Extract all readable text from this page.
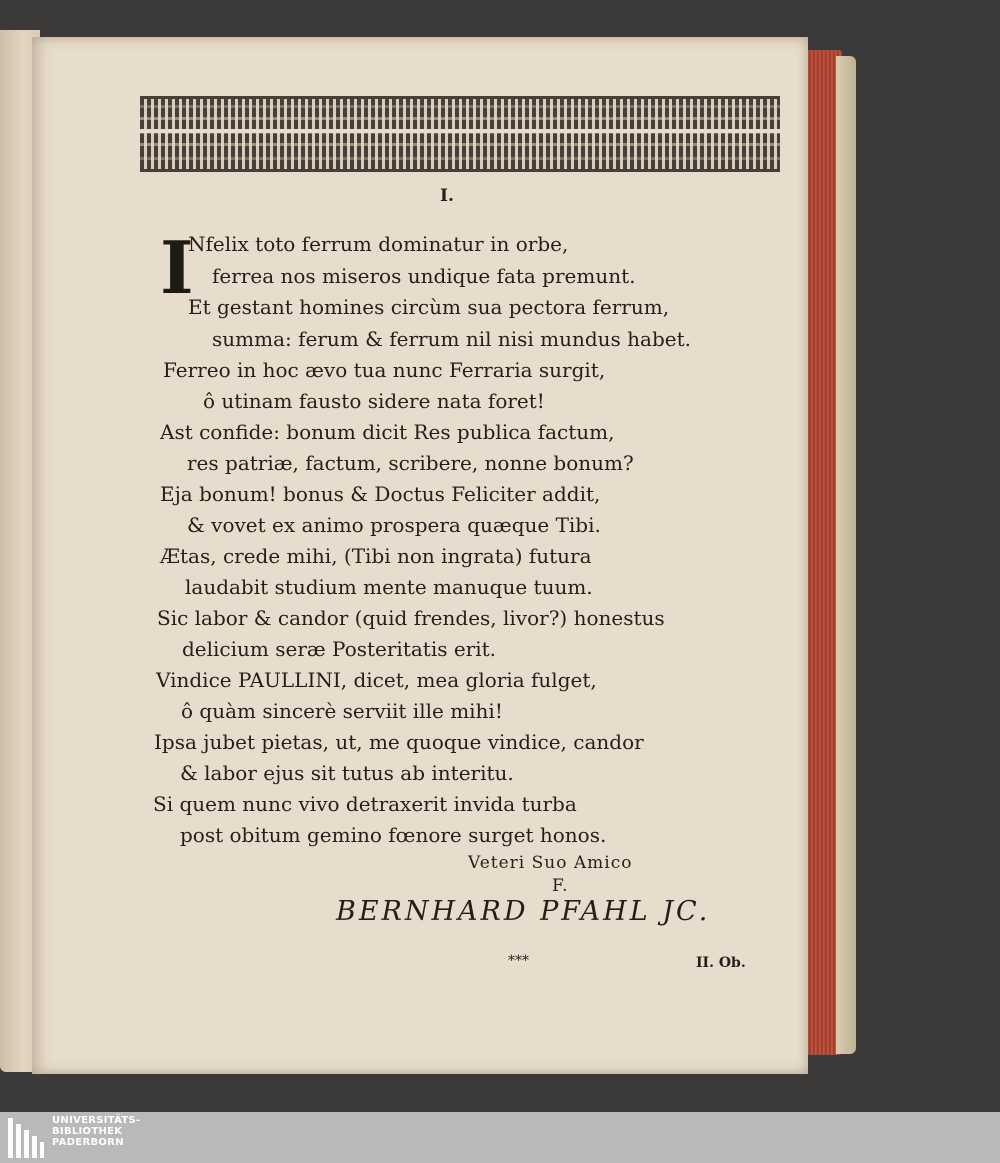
I.
I
Nfelix toto ferrum dominatur in orbe,
ferrea nos miseros undique fata premunt.
Et gestant homines circùm sua pectora ferrum,
summa: ferum & ferrum nil nisi mundus habet.
Ferreo in hoc ævo tua nunc Ferraria surgit,
ô utinam fausto sidere nata foret!
Ast confide: bonum dicit Res publica factum,
res patriæ, factum, scribere, nonne bonum?
Eja bonum! bonus & Doctus Feliciter addit,
& vovet ex animo prospera quæque Tibi.
Ætas, crede mihi, (Tibi non ingrata) futura
laudabit studium mente manuque tuum.
Sic labor & candor (quid frendes, livor?) honestus
delicium seræ Posteritatis erit.
Vindice PAULLINI, dicet, mea gloria fulget,
ô quàm sincerè serviit ille mihi!
Ipsa jubet pietas, ut, me quoque vindice, candor
& labor ejus sit tutus ab interitu.
Si quem nunc vivo detraxerit invida turba
post obitum gemino fœnore surget honos.
Veteri Suo Amico
F.
BERNHARD PFAHL JC.
***	II. Ob.
UNIVERSITÄTS-
BIBLIOTHEK
PADERBORN
